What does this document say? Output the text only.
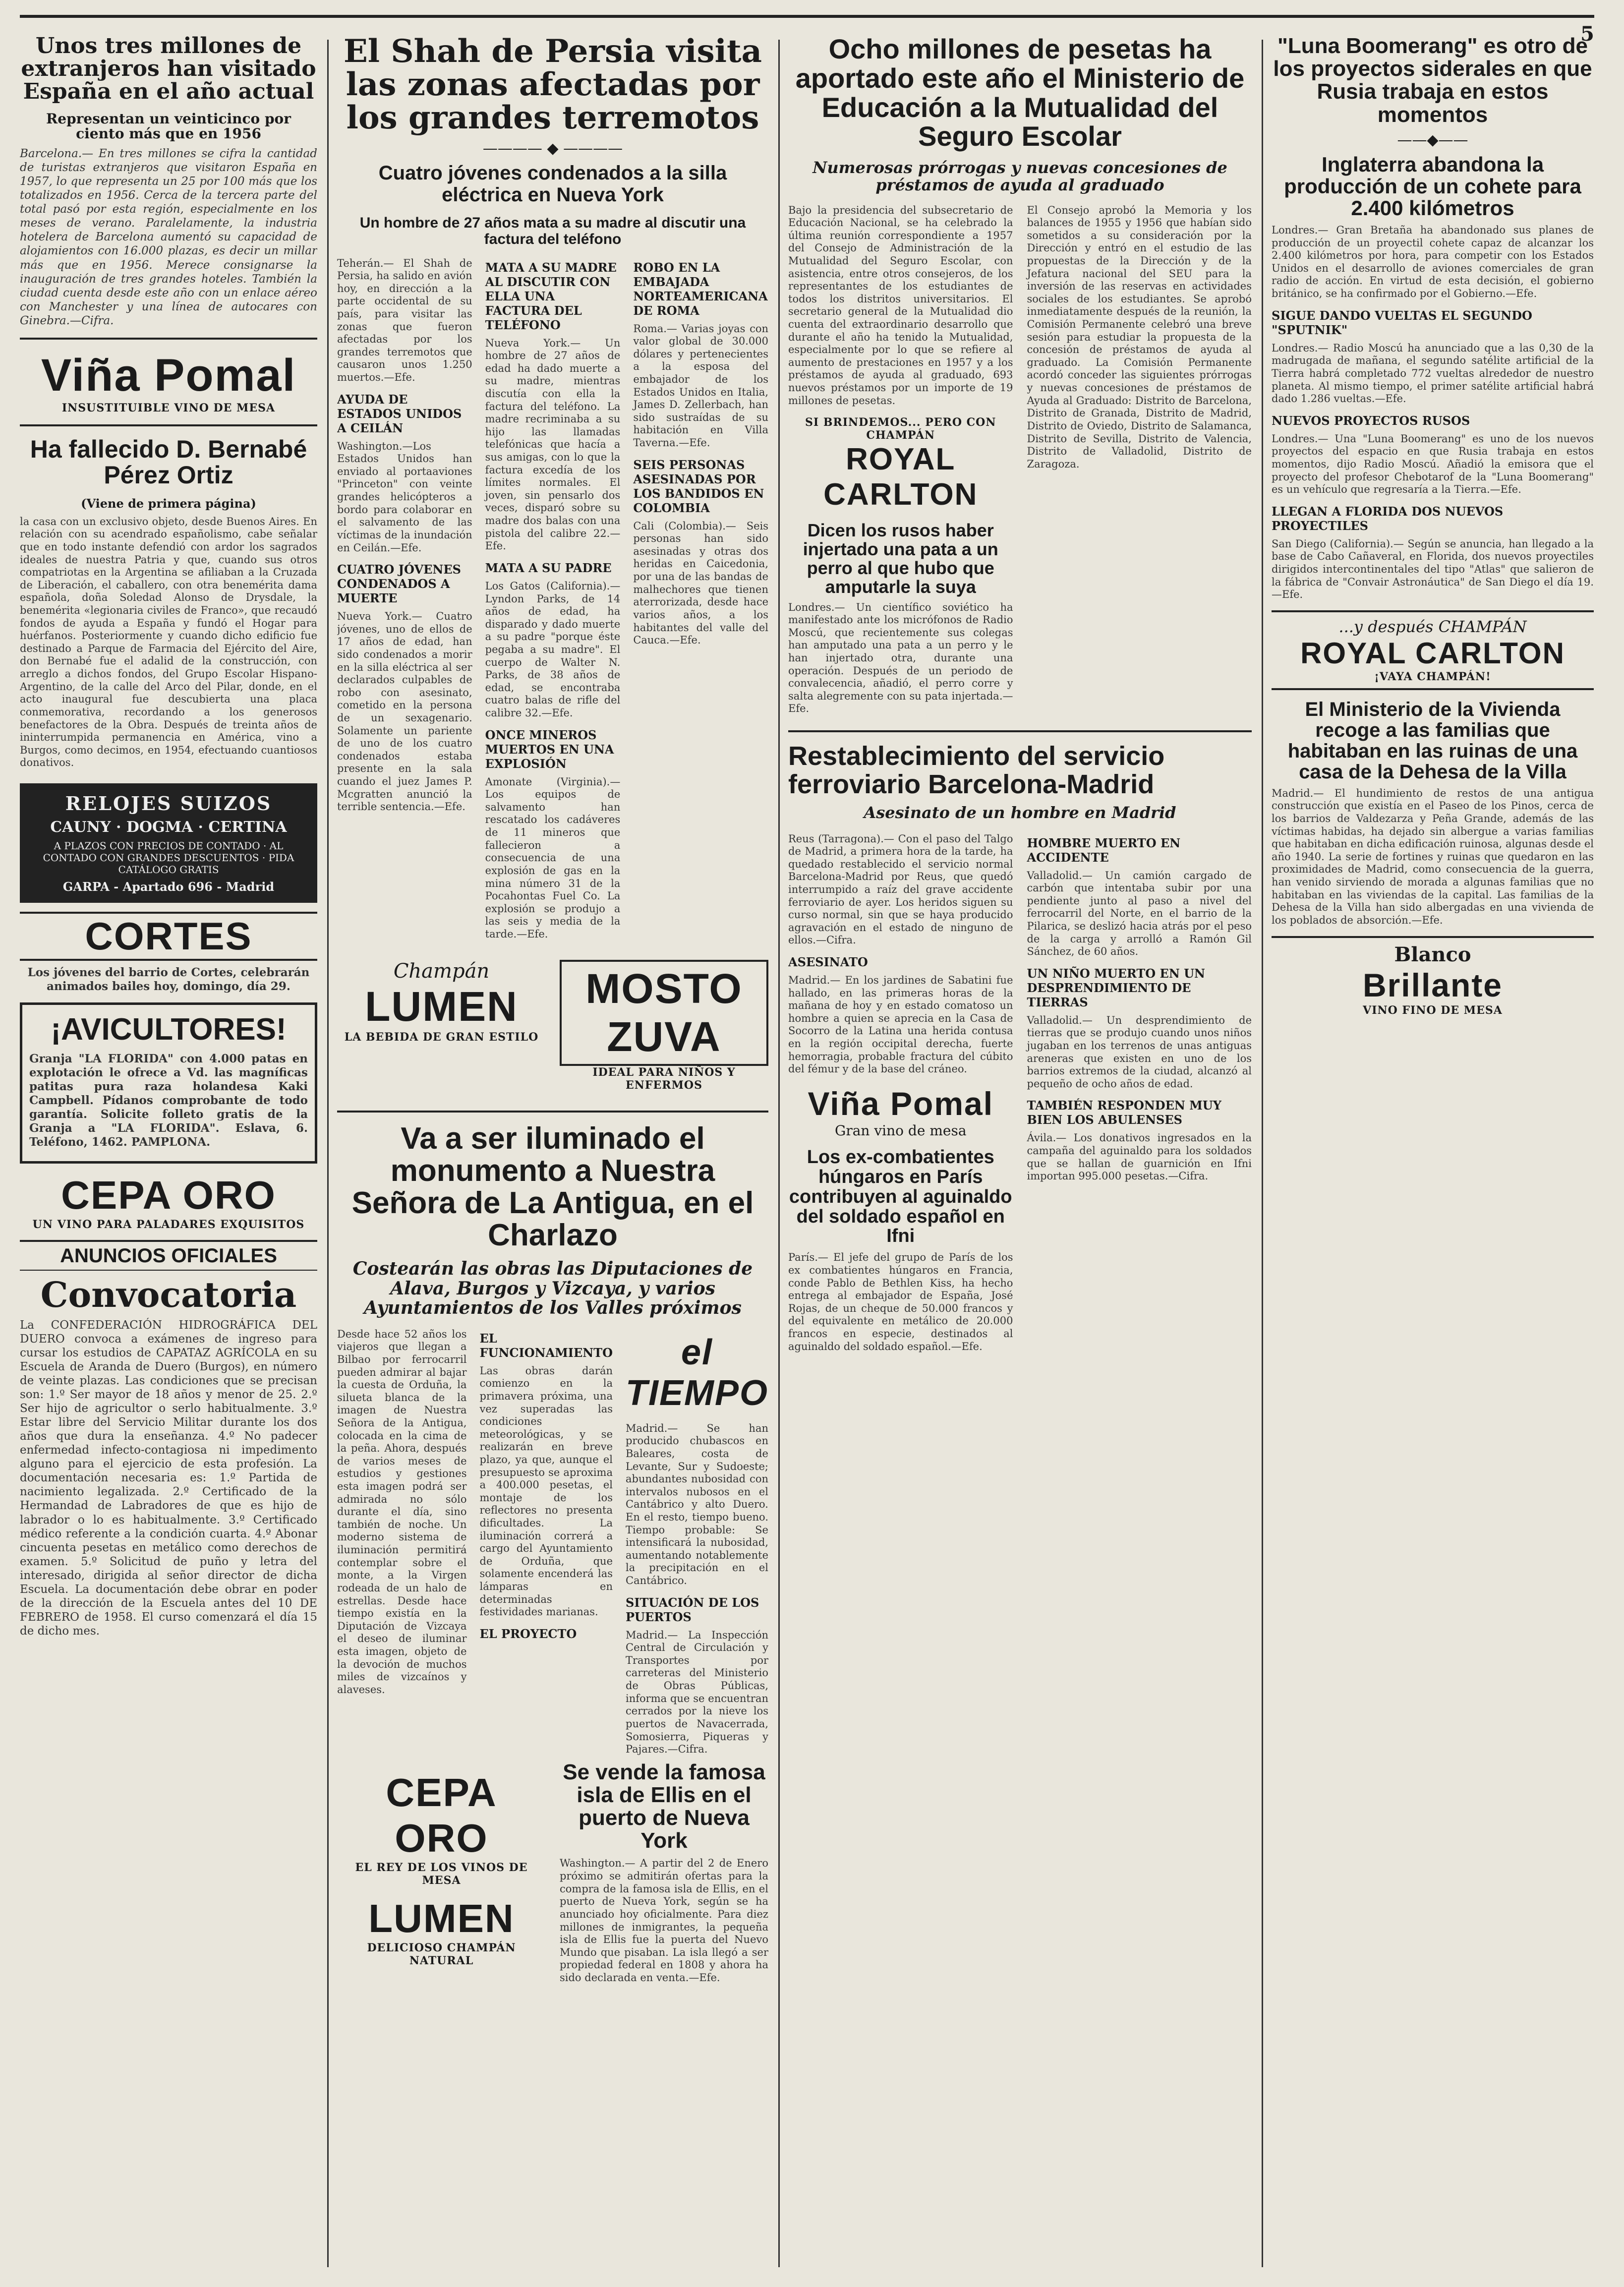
5
Unos tres millones de extranjeros han visitado España en el año actual
Representan un veinticinco por ciento más que en 1956
Barcelona.— En tres millones se cifra la cantidad de turistas extranjeros que visitaron España en 1957, lo que representa un 25 por 100 más que los totalizados en 1956. Cerca de la tercera parte del total pasó por esta región, especialmente en los meses de verano. Paralelamente, la industria hotelera de Barcelona aumentó su capacidad de alojamientos con 16.000 plazas, es decir un millar más que en 1956. Merece consignarse la inauguración de tres grandes hoteles. También la ciudad cuenta desde este año con un enlace aéreo con Manchester y una línea de autocares con Ginebra.—Cifra.
Viña Pomal
INSUSTITUIBLE VINO DE MESA
Ha fallecido D. Bernabé Pérez Ortiz
(Viene de primera página)
la casa con un exclusivo objeto, desde Buenos Aires. En relación con su acendrado españolismo, cabe señalar que en todo instante defendió con ardor los sagrados ideales de nuestra Patria y que, cuando sus otros compatriotas en la Argentina se afiliaban a la Cruzada de Liberación, el caballero, con otra benemérita dama española, doña Soledad Alonso de Drysdale, la benemérita «legionaria civiles de Franco», que recaudó fondos de ayuda a España y fundó el Hogar para huérfanos. Posteriormente y cuando dicho edificio fue destinado a Parque de Farmacia del Ejército del Aire, don Bernabé fue el adalid de la construcción, con arreglo a dichos fondos, del Grupo Escolar Hispano-Argentino, de la calle del Arco del Pilar, donde, en el acto inaugural fue descubierta una placa conmemorativa, recordando a los generosos benefactores de la Obra. Después de treinta años de ininterrumpida permanencia en América, vino a Burgos, como decimos, en 1954, efectuando cuantiosos donativos.
RELOJES SUIZOS
CAUNY · DOGMA · CERTINA
A PLAZOS CON PRECIOS DE CONTADO · AL CONTADO CON GRANDES DESCUENTOS · PIDA CATÁLOGO GRATIS
GARPA - Apartado 696 - Madrid
CORTES
Los jóvenes del barrio de Cortes, celebrarán animados bailes hoy, domingo, día 29.
¡AVICULTORES!
Granja "LA FLORIDA" con 4.000 patas en explotación le ofrece a Vd. las magníficas patitas pura raza holandesa Kaki Campbell. Pídanos comprobante de todo garantía. Solicite folleto gratis de la Granja a "LA FLORIDA". Eslava, 6. Teléfono, 1462. PAMPLONA.
CEPA ORO
UN VINO PARA PALADARES EXQUISITOS
ANUNCIOS OFICIALES
Convocatoria
La CONFEDERACIÓN HIDROGRÁFICA DEL DUERO convoca a exámenes de ingreso para cursar los estudios de CAPATAZ AGRÍCOLA en su Escuela de Aranda de Duero (Burgos), en número de veinte plazas. Las condiciones que se precisan son: 1.º Ser mayor de 18 años y menor de 25. 2.º Ser hijo de agricultor o serlo habitualmente. 3.º Estar libre del Servicio Militar durante los dos años que dura la enseñanza. 4.º No padecer enfermedad infecto-contagiosa ni impedimento alguno para el ejercicio de esta profesión. La documentación necesaria es: 1.º Partida de nacimiento legalizada. 2.º Certificado de la Hermandad de Labradores de que es hijo de labrador o lo es habitualmente. 3.º Certificado médico referente a la condición cuarta. 4.º Abonar cincuenta pesetas en metálico como derechos de examen. 5.º Solicitud de puño y letra del interesado, dirigida al señor director de dicha Escuela. La documentación debe obrar en poder de la dirección de la Escuela antes del 10 DE FEBRERO de 1958. El curso comenzará el día 15 de dicho mes.
El Shah de Persia visita las zonas afectadas por los grandes terremotos
———— ◆ ————
Cuatro jóvenes condenados a la silla eléctrica en Nueva York
Un hombre de 27 años mata a su madre al discutir una factura del teléfono
Teherán.— El Shah de Persia, ha salido en avión hoy, en dirección a la parte occidental de su país, para visitar las zonas que fueron afectadas por los grandes terremotos que causaron unos 1.250 muertos.—Efe.
AYUDA DE ESTADOS UNIDOS A CEILÁN
Washington.—Los Estados Unidos han enviado al portaaviones "Princeton" con veinte grandes helicópteros a bordo para colaborar en el salvamento de las víctimas de la inundación en Ceilán.—Efe.
CUATRO JÓVENES CONDENADOS A MUERTE
Nueva York.— Cuatro jóvenes, uno de ellos de 17 años de edad, han sido condenados a morir en la silla eléctrica al ser declarados culpables de robo con asesinato, cometido en la persona de un sexagenario. Solamente un pariente de uno de los cuatro condenados estaba presente en la sala cuando el juez James P. Mcgratten anunció la terrible sentencia.—Efe.
MATA A SU MADRE AL DISCUTIR CON ELLA UNA FACTURA DEL TELÉFONO
Nueva York.— Un hombre de 27 años de edad ha dado muerte a su madre, mientras discutía con ella la factura del teléfono. La madre recriminaba a su hijo las llamadas telefónicas que hacía a sus amigas, con lo que la factura excedía de los límites normales. El joven, sin pensarlo dos veces, disparó sobre su madre dos balas con una pistola del calibre 22.—Efe.
MATA A SU PADRE
Los Gatos (California).— Lyndon Parks, de 14 años de edad, ha disparado y dado muerte a su padre "porque éste pegaba a su madre". El cuerpo de Walter N. Parks, de 38 años de edad, se encontraba cuatro balas de rifle del calibre 32.—Efe.
ONCE MINEROS MUERTOS EN UNA EXPLOSIÓN
Amonate (Virginia).— Los equipos de salvamento han rescatado los cadáveres de 11 mineros que fallecieron a consecuencia de una explosión de gas en la mina número 31 de la Pocahontas Fuel Co. La explosión se produjo a las seis y media de la tarde.—Efe.
ROBO EN LA EMBAJADA NORTEAMERICANA DE ROMA
Roma.— Varias joyas con valor global de 30.000 dólares y pertenecientes a la esposa del embajador de los Estados Unidos en Italia, James D. Zellerbach, han sido sustraídas de su habitación en Villa Taverna.—Efe.
SEIS PERSONAS ASESINADAS POR LOS BANDIDOS EN COLOMBIA
Cali (Colombia).— Seis personas han sido asesinadas y otras dos heridas en Caicedonia, por una de las bandas de malhechores que tienen aterrorizada, desde hace varios años, a los habitantes del valle del Cauca.—Efe.
Champán
LUMEN
LA BEBIDA DE GRAN ESTILO
MOSTO ZUVA
IDEAL PARA NIÑOS Y ENFERMOS
Va a ser iluminado el monumento a Nuestra Señora de La Antigua, en el Charlazo
Costearán las obras las Diputaciones de Alava, Burgos y Vizcaya, y varios Ayuntamientos de los Valles próximos
Desde hace 52 años los viajeros que llegan a Bilbao por ferrocarril pueden admirar al bajar la cuesta de Orduña, la silueta blanca de la imagen de Nuestra Señora de la Antigua, colocada en la cima de la peña. Ahora, después de varios meses de estudios y gestiones esta imagen podrá ser admirada no sólo durante el día, sino también de noche. Un moderno sistema de iluminación permitirá contemplar sobre el monte, a la Virgen rodeada de un halo de estrellas. Desde hace tiempo existía en la Diputación de Vizcaya el deseo de iluminar esta imagen, objeto de la devoción de muchos miles de vizcaínos y alaveses.
EL FUNCIONAMIENTO
Las obras darán comienzo en la primavera próxima, una vez superadas las condiciones meteorológicas, y se realizarán en breve plazo, ya que, aunque el presupuesto se aproxima a 400.000 pesetas, el montaje de los reflectores no presenta dificultades. La iluminación correrá a cargo del Ayuntamiento de Orduña, que solamente encenderá las lámparas en determinadas festividades marianas.
EL PROYECTO
el TIEMPO
Madrid.— Se han producido chubascos en Baleares, costa de Levante, Sur y Sudoeste; abundantes nubosidad con intervalos nubosos en el Cantábrico y alto Duero. En el resto, tiempo bueno. Tiempo probable: Se intensificará la nubosidad, aumentando notablemente la precipitación en el Cantábrico.
SITUACIÓN DE LOS PUERTOS
Madrid.— La Inspección Central de Circulación y Transportes por carreteras del Ministerio de Obras Públicas, informa que se encuentran cerrados por la nieve los puertos de Navacerrada, Somosierra, Piqueras y Pajares.—Cifra.
CEPA ORO
EL REY DE LOS VINOS DE MESA
LUMEN
DELICIOSO CHAMPÁN NATURAL
Se vende la famosa isla de Ellis en el puerto de Nueva York
Washington.— A partir del 2 de Enero próximo se admitirán ofertas para la compra de la famosa isla de Ellis, en el puerto de Nueva York, según se ha anunciado hoy oficialmente. Para diez millones de inmigrantes, la pequeña isla de Ellis fue la puerta del Nuevo Mundo que pisaban. La isla llegó a ser propiedad federal en 1808 y ahora ha sido declarada en venta.—Efe.
Ocho millones de pesetas ha aportado este año el Ministerio de Educación a la Mutualidad del Seguro Escolar
Numerosas prórrogas y nuevas concesiones de préstamos de ayuda al graduado
Bajo la presidencia del subsecretario de Educación Nacional, se ha celebrado la última reunión correspondiente a 1957 del Consejo de Administración de la Mutualidad del Seguro Escolar, con asistencia, entre otros consejeros, de los representantes de los estudiantes de todos los distritos universitarios. El secretario general de la Mutualidad dio cuenta del extraordinario desarrollo que durante el año ha tenido la Mutualidad, especialmente por lo que se refiere al aumento de prestaciones en 1957 y a los préstamos de ayuda al graduado, 693 nuevos préstamos por un importe de 19 millones de pesetas.
SI BRINDEMOS... PERO CON CHAMPÁN
ROYAL CARLTON
Dicen los rusos haber injertado una pata a un perro al que hubo que amputarle la suya
Londres.— Un científico soviético ha manifestado ante los micrófonos de Radio Moscú, que recientemente sus colegas han amputado una pata a un perro y le han injertado otra, durante una operación. Después de un periodo de convalecencia, añadió, el perro corre y salta alegremente con su pata injertada.—Efe.
El Consejo aprobó la Memoria y los balances de 1955 y 1956 que habían sido sometidos a su consideración por la Dirección y entró en el estudio de las propuestas de la Dirección y de la Jefatura nacional del SEU para la inversión de las reservas en actividades sociales de los estudiantes. Se aprobó inmediatamente después de la reunión, la Comisión Permanente celebró una breve sesión para estudiar la propuesta de la concesión de préstamos de ayuda al graduado. La Comisión Permanente acordó conceder las siguientes prórrogas y nuevas concesiones de préstamos de Ayuda al Graduado: Distrito de Barcelona, Distrito de Granada, Distrito de Madrid, Distrito de Oviedo, Distrito de Salamanca, Distrito de Sevilla, Distrito de Valencia, Distrito de Valladolid, Distrito de Zaragoza.
Restablecimiento del servicio ferroviario Barcelona-Madrid
Asesinato de un hombre en Madrid
Reus (Tarragona).— Con el paso del Talgo de Madrid, a primera hora de la tarde, ha quedado restablecido el servicio normal Barcelona-Madrid por Reus, que quedó interrumpido a raíz del grave accidente ferroviario de ayer. Los heridos siguen su curso normal, sin que se haya producido agravación en el estado de ninguno de ellos.—Cifra.
ASESINATO
Madrid.— En los jardines de Sabatini fue hallado, en las primeras horas de la mañana de hoy y en estado comatoso un hombre a quien se aprecia en la Casa de Socorro de la Latina una herida contusa en la región occipital derecha, fuerte hemorragia, probable fractura del cúbito del fémur y de la base del cráneo.
Viña Pomal
Gran vino de mesa
Los ex-combatientes húngaros en París contribuyen al aguinaldo del soldado español en Ifni
París.— El jefe del grupo de París de los ex combatientes húngaros en Francia, conde Pablo de Bethlen Kiss, ha hecho entrega al embajador de España, José Rojas, de un cheque de 50.000 francos y del equivalente en metálico de 20.000 francos en especie, destinados al aguinaldo del soldado español.—Efe.
HOMBRE MUERTO EN ACCIDENTE
Valladolid.— Un camión cargado de carbón que intentaba subir por una pendiente junto al paso a nivel del ferrocarril del Norte, en el barrio de la Pilarica, se deslizó hacia atrás por el peso de la carga y arrolló a Ramón Gil Sánchez, de 60 años.
UN NIÑO MUERTO EN UN DESPRENDIMIENTO DE TIERRAS
Valladolid.— Un desprendimiento de tierras que se produjo cuando unos niños jugaban en los terrenos de unas antiguas areneras que existen en uno de los barrios extremos de la ciudad, alcanzó al pequeño de ocho años de edad.
TAMBIÉN RESPONDEN MUY BIEN LOS ABULENSES
Ávila.— Los donativos ingresados en la campaña del aguinaldo para los soldados que se hallan de guarnición en Ifni importan 995.000 pesetas.—Cifra.
"Luna Boomerang" es otro de los proyectos siderales en que Rusia trabaja en estos momentos
——◆——
Inglaterra abandona la producción de un cohete para 2.400 kilómetros
Londres.— Gran Bretaña ha abandonado sus planes de producción de un proyectil cohete capaz de alcanzar los 2.400 kilómetros por hora, para competir con los Estados Unidos en el desarrollo de aviones comerciales de gran radio de acción. En virtud de esta decisión, el gobierno británico, se ha confirmado por el Gobierno.—Efe.
SIGUE DANDO VUELTAS EL SEGUNDO "SPUTNIK"
Londres.— Radio Moscú ha anunciado que a las 0,30 de la madrugada de mañana, el segundo satélite artificial de la Tierra habrá completado 772 vueltas alrededor de nuestro planeta. Al mismo tiempo, el primer satélite artificial habrá dado 1.286 vueltas.—Efe.
NUEVOS PROYECTOS RUSOS
Londres.— Una "Luna Boomerang" es uno de los nuevos proyectos del espacio en que Rusia trabaja en estos momentos, dijo Radio Moscú. Añadió la emisora que el proyecto del profesor Chebotarof de la "Luna Boomerang" es un vehículo que regresaría a la Tierra.—Efe.
LLEGAN A FLORIDA DOS NUEVOS PROYECTILES
San Diego (California).— Según se anuncia, han llegado a la base de Cabo Cañaveral, en Florida, dos nuevos proyectiles dirigidos intercontinentales del tipo "Atlas" que salieron de la fábrica de "Convair Astronáutica" de San Diego el día 19.—Efe.
...y después CHAMPÁN
ROYAL CARLTON
¡VAYA CHAMPÁN!
El Ministerio de la Vivienda recoge a las familias que habitaban en las ruinas de una casa de la Dehesa de la Villa
Madrid.— El hundimiento de restos de una antigua construcción que existía en el Paseo de los Pinos, cerca de los barrios de Valdezarza y Peña Grande, además de las víctimas habidas, ha dejado sin albergue a varias familias que habitaban en dicha edificación ruinosa, algunas desde el año 1940. La serie de fortines y ruinas que quedaron en las proximidades de Madrid, como consecuencia de la guerra, han venido sirviendo de morada a algunas familias que no habitaban en las viviendas de la capital. Las familias de la Dehesa de la Villa han sido albergadas en una vivienda de los poblados de absorción.—Efe.
Blanco
Brillante
VINO FINO DE MESA
